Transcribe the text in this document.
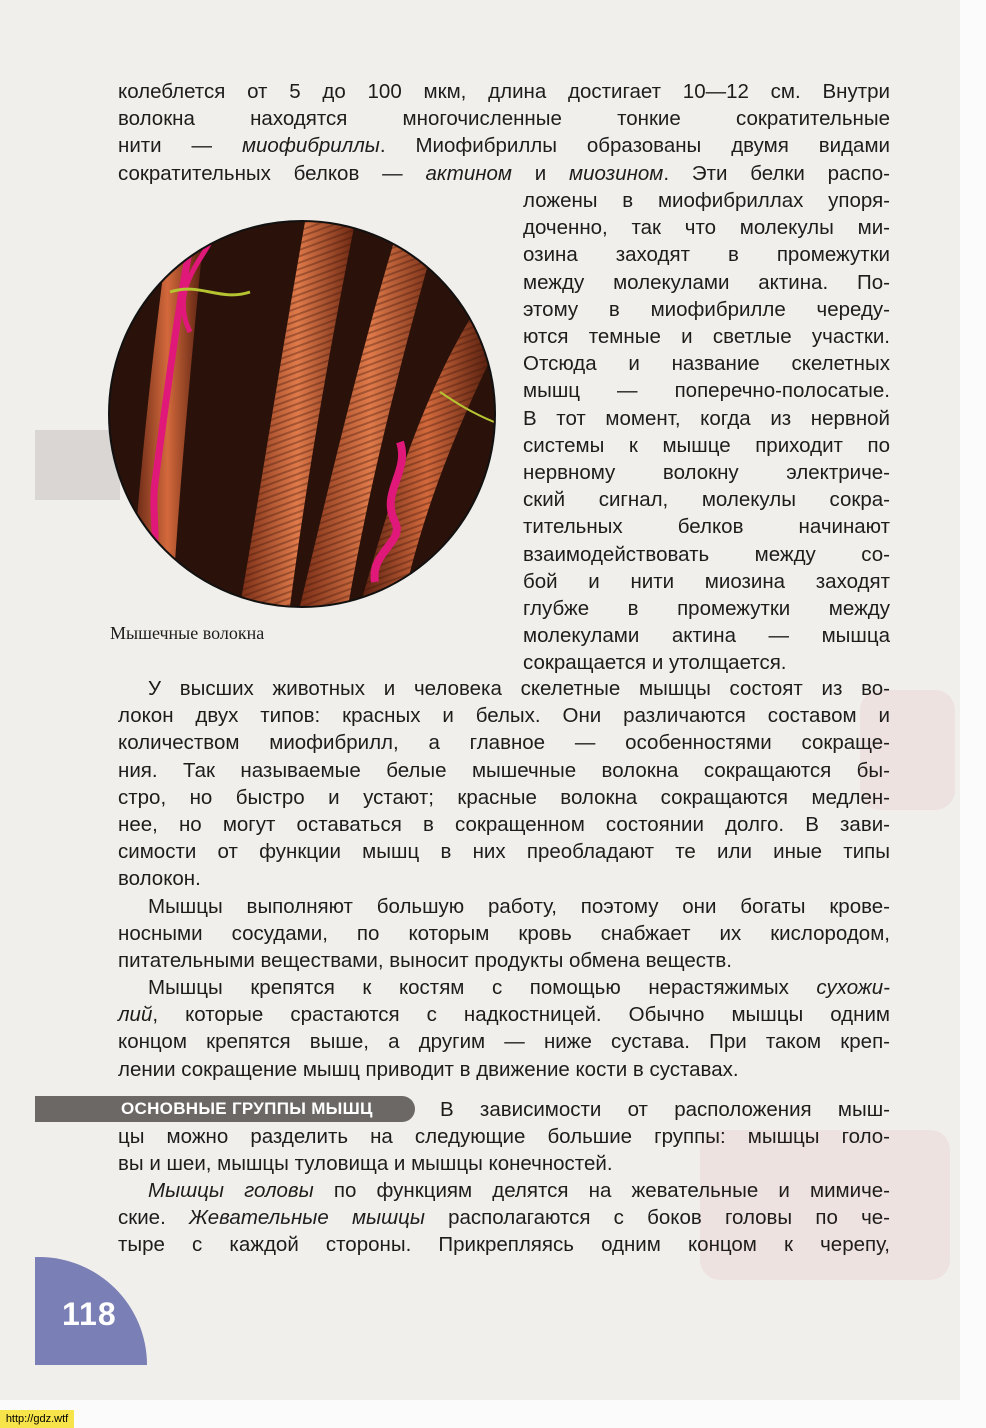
колеблется от 5 до 100 мкм, длина достигает 10—12 см. Внутри
волокна находятся многочисленные тонкие сократительные
нити — миофибриллы. Миофибриллы образованы двумя видами
сократительных белков — актином и миозином. Эти белки распо-
ложены в миофибриллах упоря-
доченно, так что молекулы ми-
озина заходят в промежутки
между молекулами актина. По-
этому в миофибрилле череду-
ются темные и светлые участки.
Отсюда и название скелетных
мышц — поперечно-полосатые.
В тот момент, когда из нервной
системы к мышце приходит по
нервному волокну электриче-
ский сигнал, молекулы сокра-
тительных белков начинают
взаимодействовать между со-
бой и нити миозина заходят
глубже в промежутки между
молекулами актина — мышца
сокращается и утолщается.
Мышечные волокна
У высших животных и человека скелетные мышцы состоят из во-
локон двух типов: красных и белых. Они различаются составом и
количеством миофибрилл, а главное — особенностями сокраще-
ния. Так называемые белые мышечные волокна сокращаются бы-
стро, но быстро и устают; красные волокна сокращаются медлен-
нее, но могут оставаться в сокращенном состоянии долго. В зави-
симости от функции мышц в них преобладают те или иные типы
волокон.
Мышцы выполняют большую работу, поэтому они богаты крове-
носными сосудами, по которым кровь снабжает их кислородом,
питательными веществами, выносит продукты обмена веществ.
Мышцы крепятся к костям с помощью нерастяжимых сухожи-
лий, которые срастаются с надкостницей. Обычно мышцы одним
концом крепятся выше, а другим — ниже сустава. При таком креп-
лении сокращение мышц приводит в движение кости в суставах.
ОСНОВНЫЕ ГРУППЫ МЫШЦ	В зависимости от расположения мыш-
цы можно разделить на следующие большие группы: мышцы голо-
вы и шеи, мышцы туловища и мышцы конечностей.
Мышцы головы по функциям делятся на жевательные и мимиче-
ские. Жевательные мышцы располагаются с боков головы по че-
тыре с каждой стороны. Прикрепляясь одним концом к черепу,
118
http://gdz.wtf
